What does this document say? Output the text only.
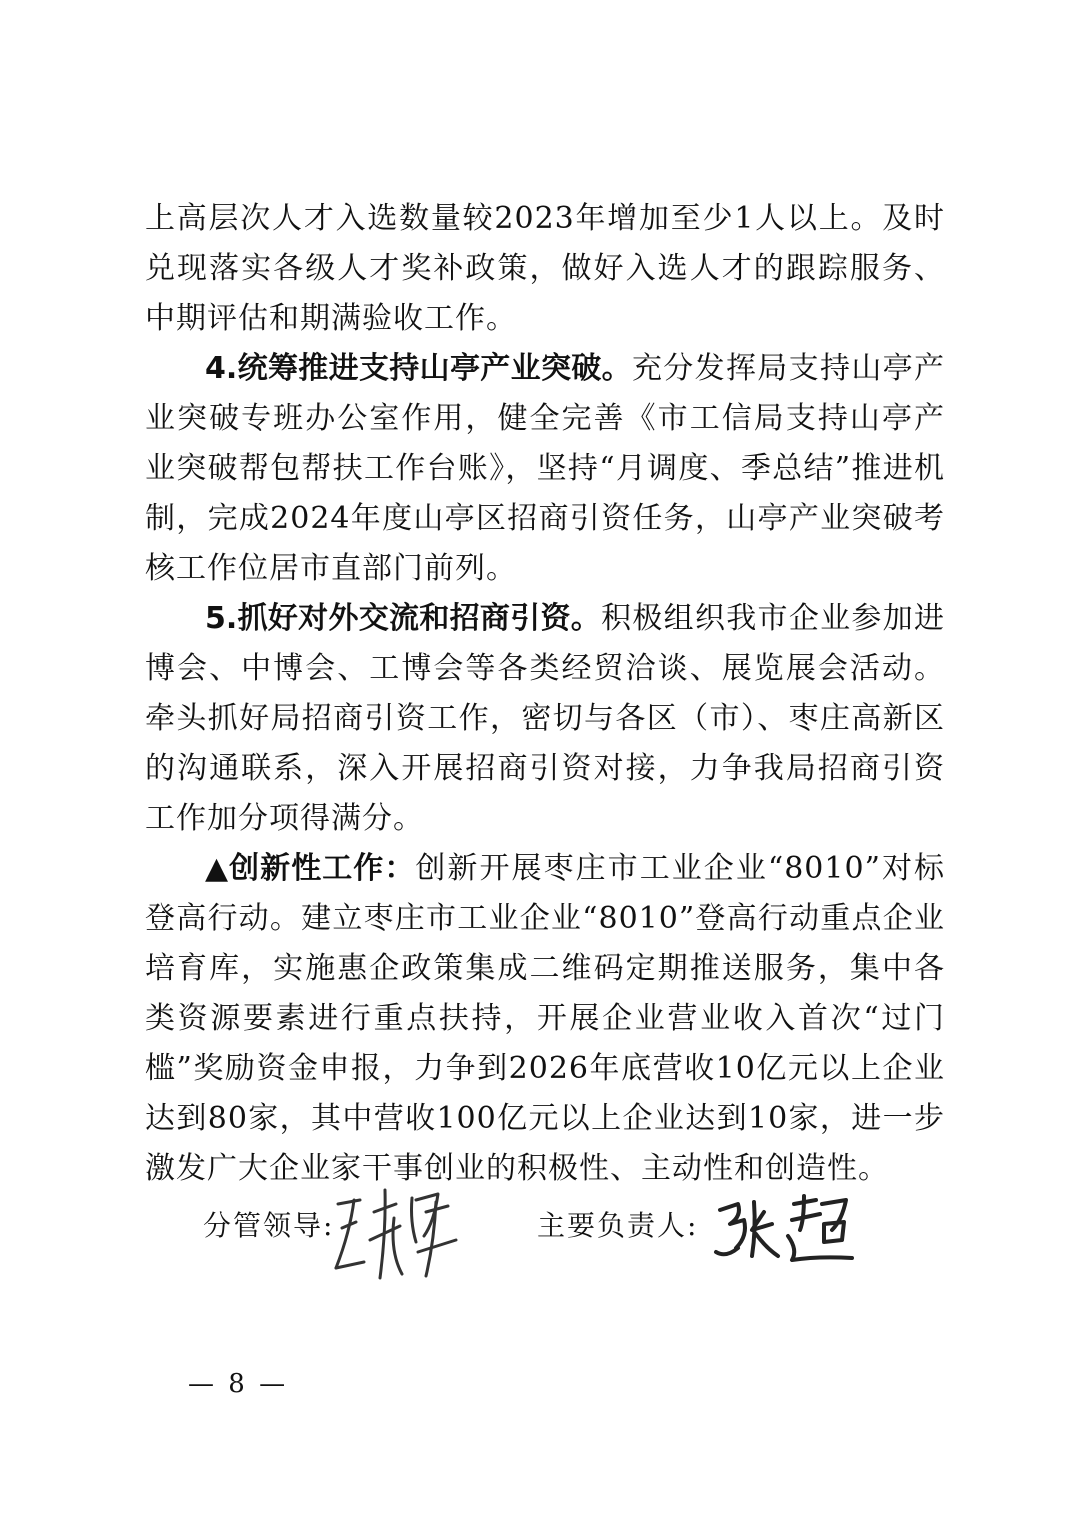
上高层次人才入选数量较2023年增加至少1人以上。及时兑现落实各级人才奖补政策，做好入选人才的跟踪服务、中期评估和期满验收工作。

4.统筹推进支持山亭产业突破。充分发挥局支持山亭产业突破专班办公室作用，健全完善《市工信局支持山亭产业突破帮包帮扶工作台账》，坚持“月调度、季总结”推进机制，完成2024年度山亭区招商引资任务，山亭产业突破考核工作位居市直部门前列。

5.抓好对外交流和招商引资。积极组织我市企业参加进博会、中博会、工博会等各类经贸洽谈、展览展会活动。牵头抓好局招商引资工作，密切与各区（市）、枣庄高新区的沟通联系，深入开展招商引资对接，力争我局招商引资工作加分项得满分。

▲创新性工作：创新开展枣庄市工业企业“8010”对标登高行动。建立枣庄市工业企业“8010”登高行动重点企业培育库，实施惠企政策集成二维码定期推送服务，集中各类资源要素进行重点扶持，开展企业营业收入首次“过门槛”奖励资金申报，力争到2026年底营收10亿元以上企业达到80家，其中营收100亿元以上企业达到10家，进一步激发广大企业家干事创业的积极性、主动性和创造性。

分管领导:	主要负责人:
— 8 —
